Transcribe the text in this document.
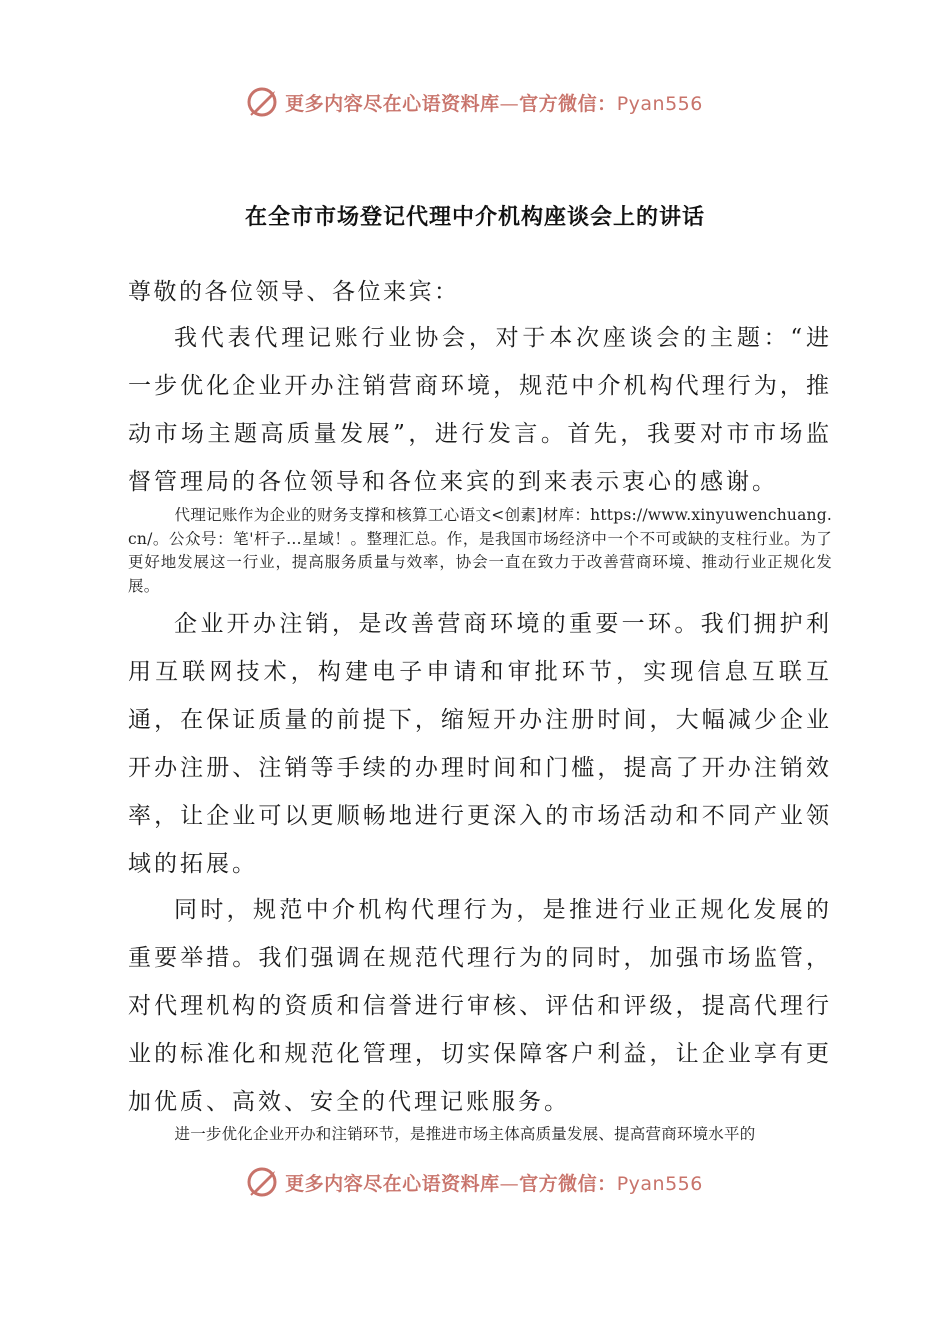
更多内容尽在心语资料库—官方微信：Pyan556
在全市市场登记代理中介机构座谈会上的讲话
尊敬的各位领导、各位来宾：

我代表代理记账行业协会，对于本次座谈会的主题：“进一步优化企业开办注销营商环境，规范中介机构代理行为，推动市场主题高质量发展”，进行发言。首先，我要对市市场监督管理局的各位领导和各位来宾的到来表示衷心的感谢。

代理记账作为企业的财务支撑和核算工心语文<创素]材库：https://www.xinyuwenchuang.cn/。公众号：笔'杆子…星域！。整理汇总。作，是我国市场经济中一个不可或缺的支柱行业。为了更好地发展这一行业，提高服务质量与效率，协会一直在致力于改善营商环境、推动行业正规化发展。

企业开办注销，是改善营商环境的重要一环。我们拥护利用互联网技术，构建电子申请和审批环节，实现信息互联互通，在保证质量的前提下，缩短开办注册时间，大幅减少企业开办注册、注销等手续的办理时间和门槛，提高了开办注销效率，让企业可以更顺畅地进行更深入的市场活动和不同产业领域的拓展。

同时，规范中介机构代理行为，是推进行业正规化发展的重要举措。我们强调在规范代理行为的同时，加强市场监管，对代理机构的资质和信誉进行审核、评估和评级，提高代理行业的标准化和规范化管理，切实保障客户利益，让企业享有更加优质、高效、安全的代理记账服务。

进一步优化企业开办和注销环节，是推进市场主体高质量发展、提高营商环境水平的

更多内容尽在心语资料库—官方微信：Pyan556
